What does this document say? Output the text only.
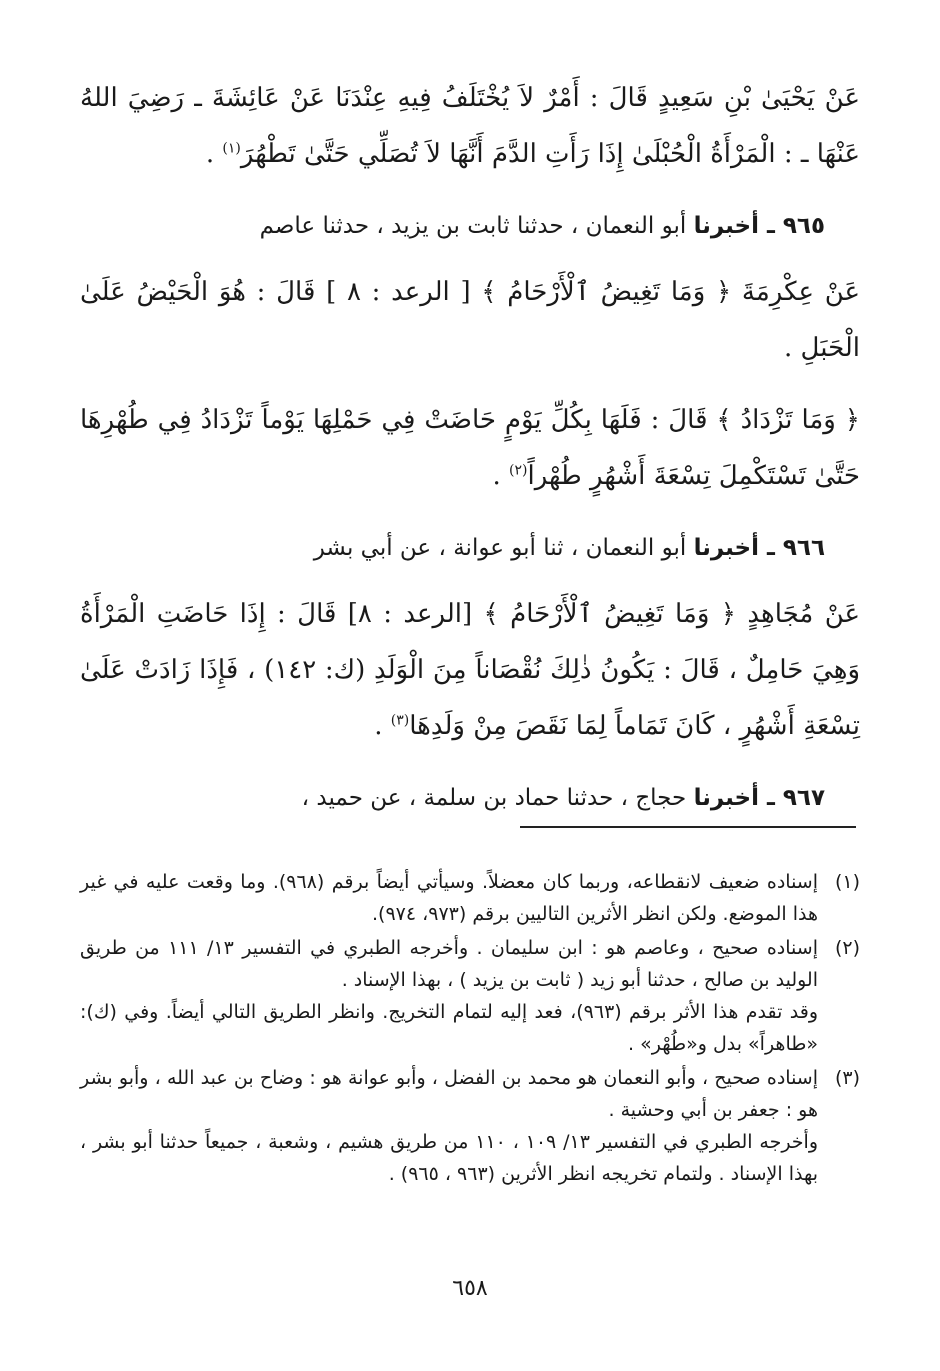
عَنْ يَحْيَىٰ بْنِ سَعِيدٍ قَالَ : أَمْرٌ لاَ يُخْتَلَفُ فِيهِ عِنْدَنَا عَنْ عَائِشَةَ ـ رَضِيَ اللهُ عَنْهَا ـ : الْمَرْأَةُ الْحُبْلَىٰ إِذَا رَأَتِ الدَّمَ أَنَّهَا لاَ تُصَلِّي حَتَّىٰ تَطْهُرَ$^{(١)}$ .

٩٦٥ ـ أخبرنا أبو النعمان ، حدثنا ثابت بن يزيد ، حدثنا عاصم

عَنْ عِكْرِمَةَ ﴿ وَمَا تَغِيضُ ٱلْأَرْحَامُ ﴾ [ الرعد : ٨ ] قَالَ : هُوَ الْحَيْضُ عَلَىٰ الْحَبَلِ .

﴿ وَمَا تَزْدَادُ ﴾ قَالَ : فَلَهَا بِكُلِّ يَوْمٍ حَاضَتْ فِي حَمْلِهَا يَوْماً تَزْدَادُ فِي طُهْرِهَا حَتَّىٰ تَسْتَكْمِلَ تِسْعَةَ أَشْهُرٍ طُهْراً$^{(٢)}$ .

٩٦٦ ـ أخبرنا أبو النعمان ، ثنا أبو عوانة ، عن أبي بشر

عَنْ مُجَاهِدٍ ﴿ وَمَا تَغِيضُ ٱلْأَرْحَامُ ﴾ [الرعد : ٨] قَالَ : إِذَا حَاضَتِ الْمَرْأَةُ وَهِيَ حَامِلٌ ، قَالَ : يَكُونُ ذٰلِكَ نُقْصَاناً مِنَ الْوَلَدِ (ك: ١٤٢) ، فَإِذَا زَادَتْ عَلَىٰ تِسْعَةِ أَشْهُرٍ ، كَانَ تَمَاماً لِمَا نَقَصَ مِنْ وَلَدِهَا$^{(٣)}$ .

٩٦٧ ـ أخبرنا حجاج ، حدثنا حماد بن سلمة ، عن حميد ،

(١)

إسناده ضعيف لانقطاعه، وربما كان معضلاً. وسيأتي أيضاً برقم (٩٦٨). وما وقعت عليه في غير هذا الموضع. ولكن انظر الأثرين التاليين برقم (٩٧٣، ٩٧٤).

(٢)

إسناده صحيح ، وعاصم هو : ابن سليمان . وأخرجه الطبري في التفسير ١٣/ ١١١ من طريق الوليد بن صالح ، حدثنا أبو زيد ( ثابت بن يزيد ) ، بهذا الإسناد .

وقد تقدم هذا الأثر برقم (٩٦٣)، فعد إليه لتمام التخريج. وانظر الطريق التالي أيضاً. وفي (ك): «طاهراً» بدل و«طُهْر» .

(٣)

إسناده صحيح ، وأبو النعمان هو محمد بن الفضل ، وأبو عوانة هو : وضاح بن عبد الله ، وأبو بشر هو : جعفر بن أبي وحشية .

وأخرجه الطبري في التفسير ١٣/ ١٠٩ ، ١١٠ من طريق هشيم ، وشعبة ، جميعاً حدثنا أبو بشر ، بهذا الإسناد . ولتمام تخريجه انظر الأثرين (٩٦٣ ، ٩٦٥) .

٦٥٨
